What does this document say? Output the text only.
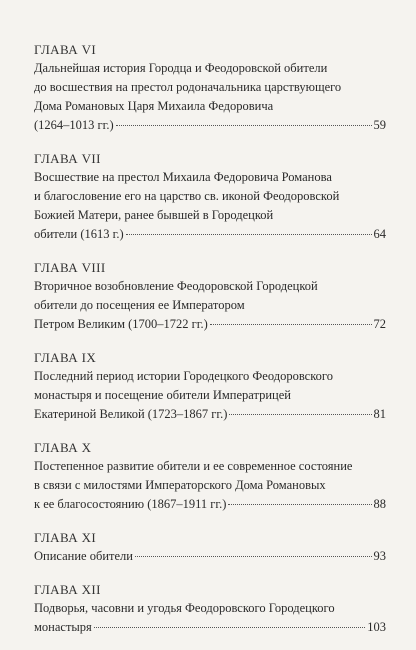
ГЛАВА VI
Дальнейшая история Городца и Феодоровской обители
до восшествия на престол родоначальника царствующего
Дома Романовых Царя Михаила Федоровича
(1264–1013 гг.)	59
ГЛАВА VII
Восшествие на престол Михаила Федоровича Романова
и благословение его на царство св. иконой Феодоровской
Божией Матери, ранее бывшей в Городецкой
обители (1613 г.)	64
ГЛАВА VIII
Вторичное возобновление Феодоровской Городецкой
обители до посещения ее Императором
Петром Великим (1700–1722 гг.)	72
ГЛАВА IX
Последний период истории Городецкого Феодоровского
монастыря и посещение обители Императрицей
Екатериной Великой (1723–1867 гг.)	81
ГЛАВА X
Постепенное развитие обители и ее современное состояние
в связи с милостями Императорского Дома Романовых
к ее благосостоянию (1867–1911 гг.)	88
ГЛАВА XI
Описание обители	93
ГЛАВА XII
Подворья, часовни и угодья Феодоровского Городецкого
монастыря	103
